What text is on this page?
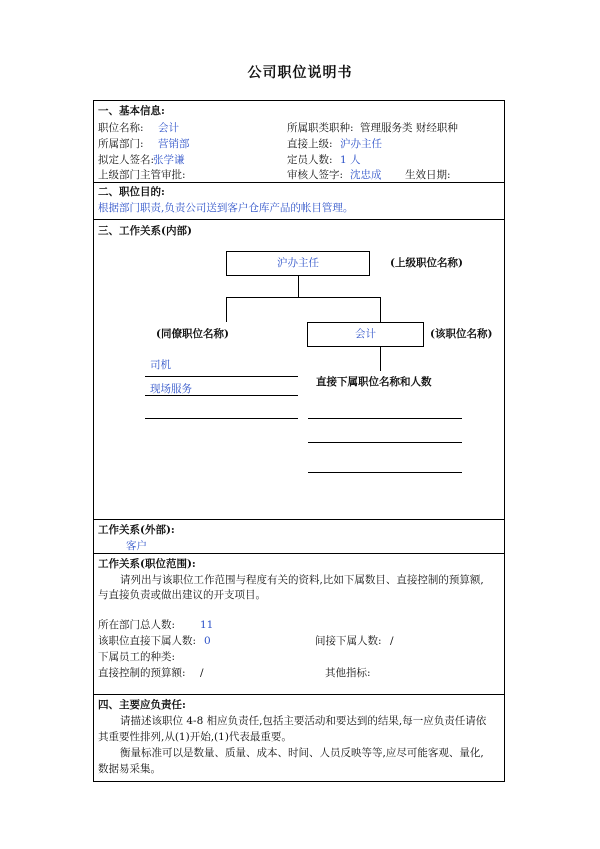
公司职位说明书
一、基本信息:
职位名称: 会计	所属职类职种: 管理服务类 财经职种
所属部门: 营销部	直接上级: 沪办主任
拟定人签名:
张学谦	定员人数: 1 人
上级部门主管审批:	审核人签字: 沈忠成 生效日期:
二、职位目的:
根据部门职责,负责公司送到客户仓库产品的帐目管理。
三、工作关系(内部)
沪办主任	(上级职位名称)
会计
(同僚职位名称)	(该职位名称)
司机
现场服务
直接下属职位名称和人数
工作关系(外部):
客户
工作关系(职位范围):
请列出与该职位工作范围与程度有关的资料,比如下属数目、直接控制的预算额,
与直接负责或做出建议的开支项目。
所在部门总人数: 11
该职位直接下属人数: 0	间接下属人数: /
下属员工的种类:
直接控制的预算额: /	其他指标:
四、主要应负责任:
请描述该职位 4-8 相应负责任,包括主要活动和要达到的结果,每一应负责任请依
其重要性排列,从(1)开始,(1)代表最重要。
衡量标准可以是数量、质量、成本、时间、人员反映等等,应尽可能客观、量化,
数据易采集。
